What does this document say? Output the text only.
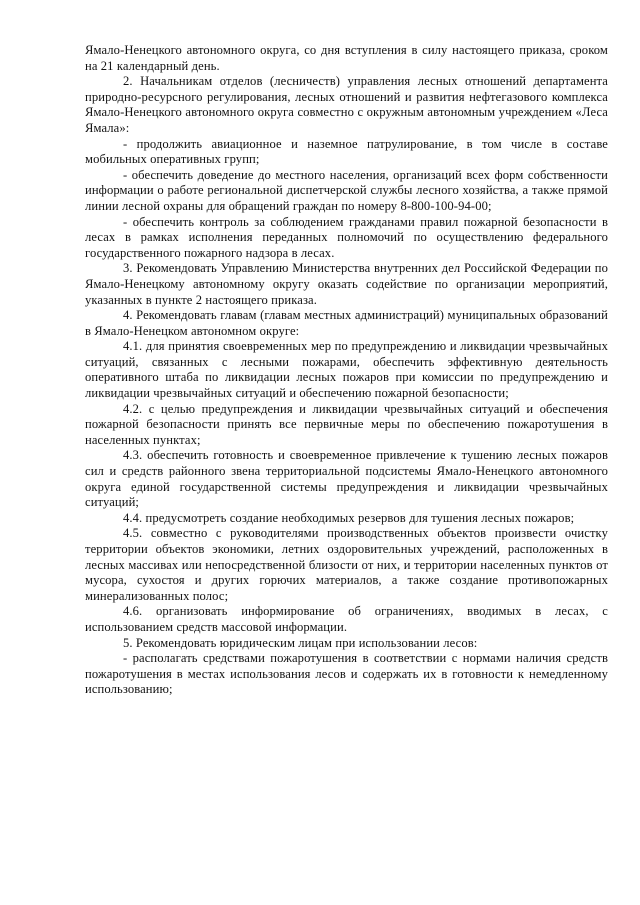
Ямало-Ненецкого автономного округа, со дня вступления в силу настоящего приказа, сроком на 21 календарный день.

2. Начальникам отделов (лесничеств) управления лесных отношений департамента природно-ресурсного регулирования, лесных отношений и развития нефтегазового комплекса Ямало-Ненецкого автономного округа совместно с окружным автономным учреждением «Леса Ямала»:

- продолжить авиационное и наземное патрулирование, в том числе в составе мобильных оперативных групп;

- обеспечить доведение до местного населения, организаций всех форм собственности информации о работе региональной диспетчерской службы лесного хозяйства, а также прямой линии лесной охраны для обращений граждан по номеру 8-800-100-94-00;

- обеспечить контроль за соблюдением гражданами правил пожарной безопасности в лесах в рамках исполнения переданных полномочий по осуществлению федерального государственного пожарного надзора в лесах.

3. Рекомендовать Управлению Министерства внутренних дел Российской Федерации по Ямало-Ненецкому автономному округу оказать содействие по организации мероприятий, указанных в пункте 2 настоящего приказа.

4. Рекомендовать главам (главам местных администраций) муниципальных образований в Ямало-Ненецком автономном округе:

4.1. для принятия своевременных мер по предупреждению и ликвидации чрезвычайных ситуаций, связанных с лесными пожарами, обеспечить эффективную деятельность оперативного штаба по ликвидации лесных пожаров при комиссии по предупреждению и ликвидации чрезвычайных ситуаций и обеспечению пожарной безопасности;

4.2. с целью предупреждения и ликвидации чрезвычайных ситуаций и обеспечения пожарной безопасности принять все первичные меры по обеспечению пожаротушения в населенных пунктах;

4.3. обеспечить готовность и своевременное привлечение к тушению лесных пожаров сил и средств районного звена территориальной подсистемы Ямало-Ненецкого автономного округа единой государственной системы предупреждения и ликвидации чрезвычайных ситуаций;

4.4. предусмотреть создание необходимых резервов для тушения лесных пожаров;

4.5. совместно с руководителями производственных объектов произвести очистку территории объектов экономики, летних оздоровительных учреждений, расположенных в лесных массивах или непосредственной близости от них, и территории населенных пунктов от мусора, сухостоя и других горючих материалов, а также создание противопожарных минерализованных полос;

4.6. организовать информирование об ограничениях, вводимых в лесах, с использованием средств массовой информации.

5. Рекомендовать юридическим лицам при использовании лесов:

- располагать средствами пожаротушения в соответствии с нормами наличия средств пожаротушения в местах использования лесов и содержать их в готовности к немедленному использованию;
